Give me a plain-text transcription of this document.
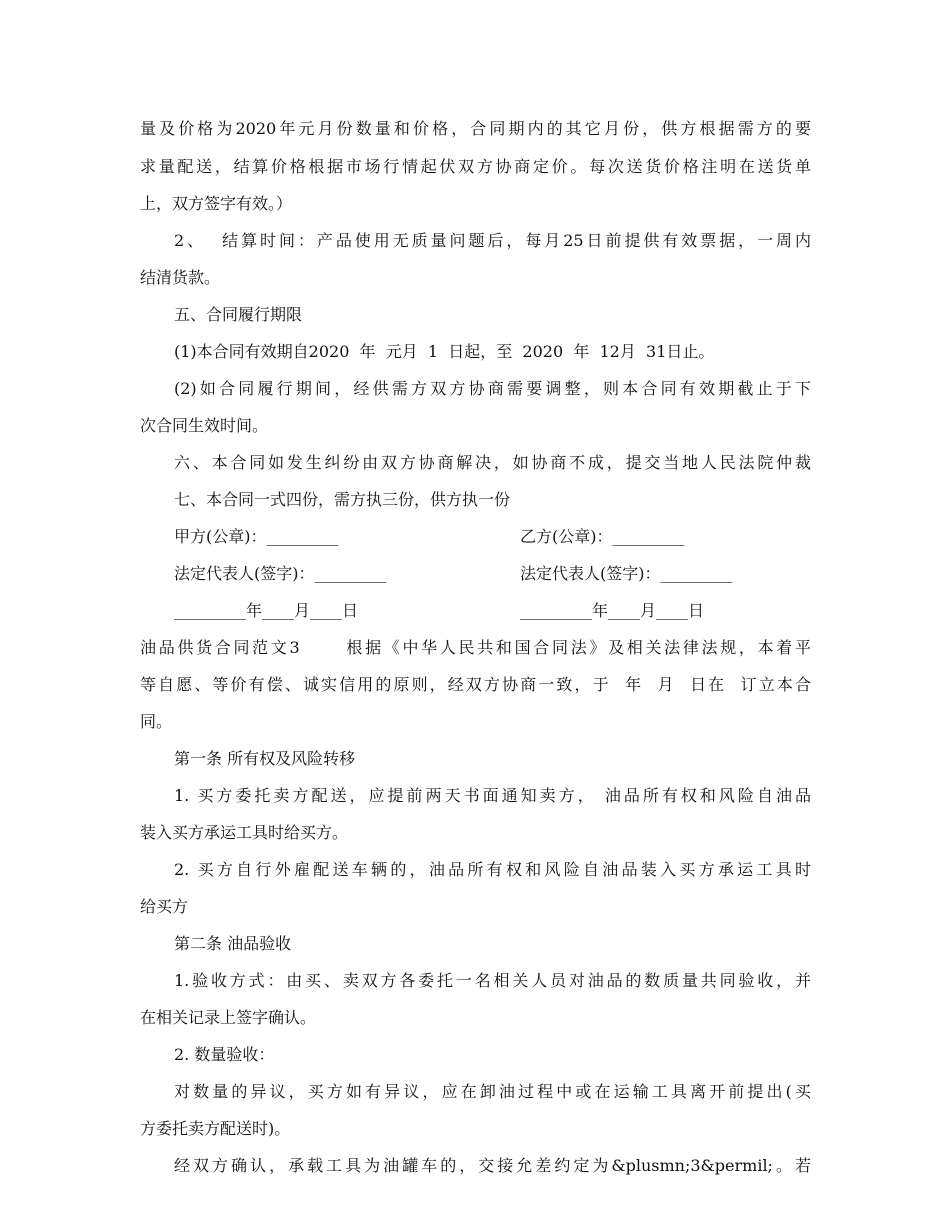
量及价格为2020年元月份数量和价格，合同期内的其它月份，供方根据需方的要
求量配送，结算价格根据市场行情起伏双方协商定价。每次送货价格注明在送货单
上，双方签字有效。）
2、  结算时间：产品使用无质量问题后，每月25日前提供有效票据，一周内
结清货款。
五、合同履行期限
(1)本合同有效期自2020  年  元月  1  日起，至  2020  年  12月  31日止。
(2)如合同履行期间，经供需方双方协商需要调整，则本合同有效期截止于下
次合同生效时间。
六、本合同如发生纠纷由双方协商解决，如协商不成，提交当地人民法院仲裁
七、本合同一式四份，需方执三份，供方执一份
甲方(公章)：_________	乙方(公章)：_________
法定代表人(签字)：_________	法定代表人(签字)：_________
_________年____月____日	_________年____月____日
油品供货合同范文3      根据《中华人民共和国合同法》及相关法律法规，本着平
等自愿、等价有偿、诚实信用的原则，经双方协商一致，于  年  月  日在  订立本合
同。
第一条 所有权及风险转移
1. 买方委托卖方配送，应提前两天书面通知卖方， 油品所有权和风险自油品
装入买方承运工具时给买方。
2. 买方自行外雇配送车辆的，油品所有权和风险自油品装入买方承运工具时
给买方
第二条 油品验收
1.验收方式：由买、卖双方各委托一名相关人员对油品的数质量共同验收，并
在相关记录上签字确认。
2. 数量验收：
对数量的异议，买方如有异议，应在卸油过程中或在运输工具离开前提出(买
方委托卖方配送时)。
经双方确认，承载工具为油罐车的，交接允差约定为&plusmn;3&permil;。若
